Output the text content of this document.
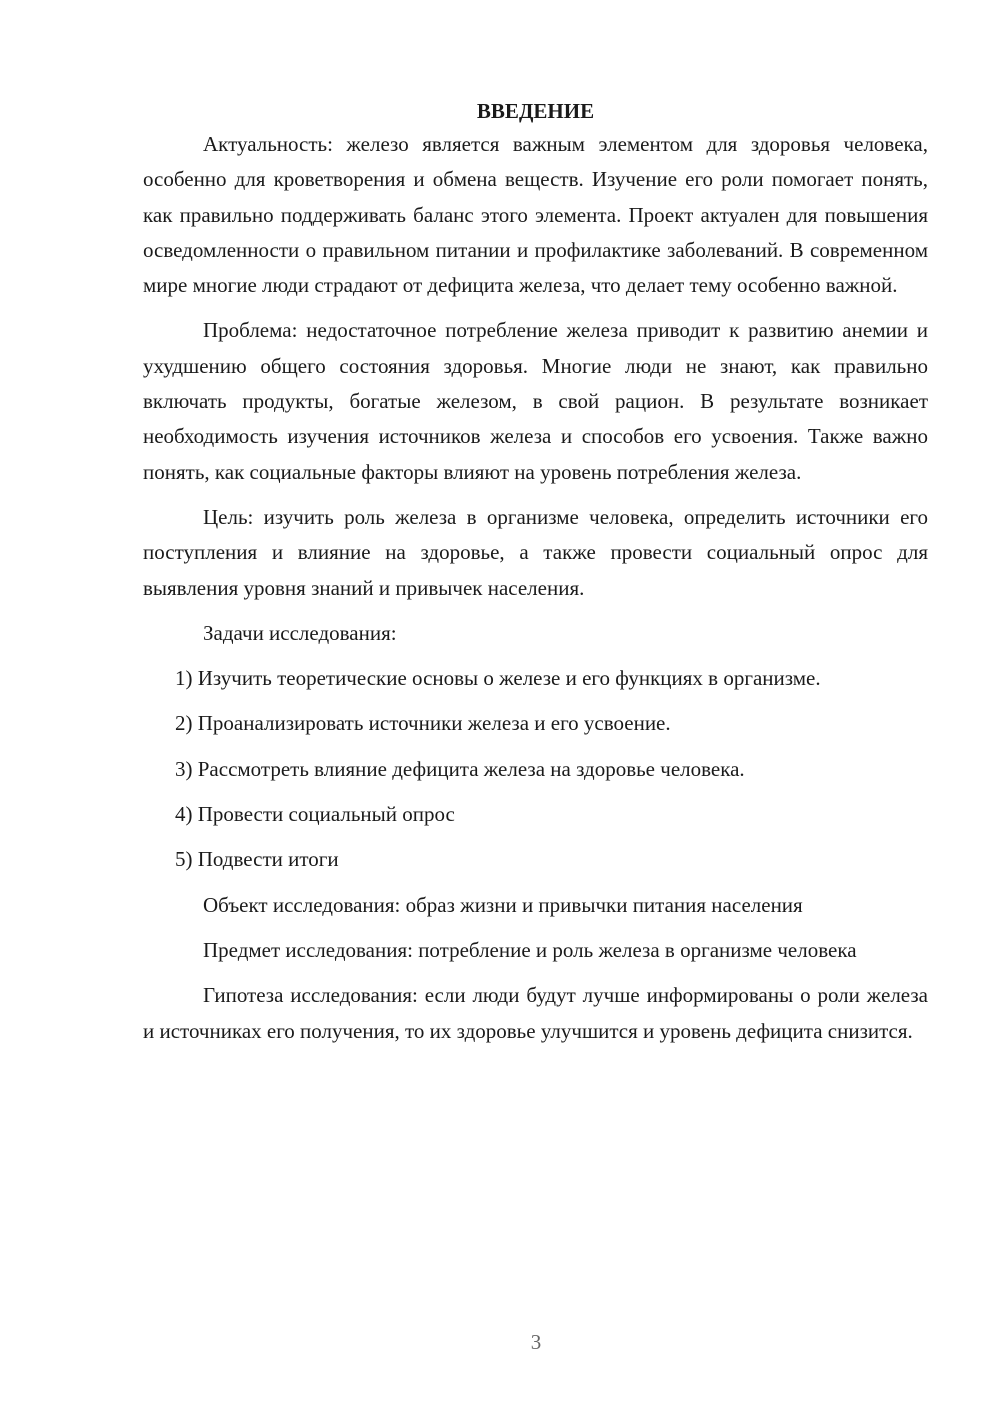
ВВЕДЕНИЕ

Актуальность: железо является важным элементом для здоровья человека, особенно для кроветворения и обмена веществ. Изучение его роли помогает понять, как правильно поддерживать баланс этого элемента. Проект актуален для повышения осведомленности о правильном питании и профилактике заболеваний. В современном мире многие люди страдают от дефицита железа, что делает тему особенно важной.

Проблема: недостаточное потребление железа приводит к развитию анемии и ухудшению общего состояния здоровья. Многие люди не знают, как правильно включать продукты, богатые железом, в свой рацион. В результате возникает необходимость изучения источников железа и способов его усвоения. Также важно понять, как социальные факторы влияют на уровень потребления железа.

Цель: изучить роль железа в организме человека, определить источники его поступления и влияние на здоровье, а также провести социальный опрос для выявления уровня знаний и привычек населения.

Задачи исследования:

1) Изучить теоретические основы о железе и его функциях в организме.

2) Проанализировать источники железа и его усвоение.

3) Рассмотреть влияние дефицита железа на здоровье человека.

4) Провести социальный опрос

5) Подвести итоги

Объект исследования: образ жизни и привычки питания населения

Предмет исследования: потребление и роль железа в организме человека

Гипотеза исследования: если люди будут лучше информированы о роли железа и источниках его получения, то их здоровье улучшится и уровень дефицита снизится.

3
